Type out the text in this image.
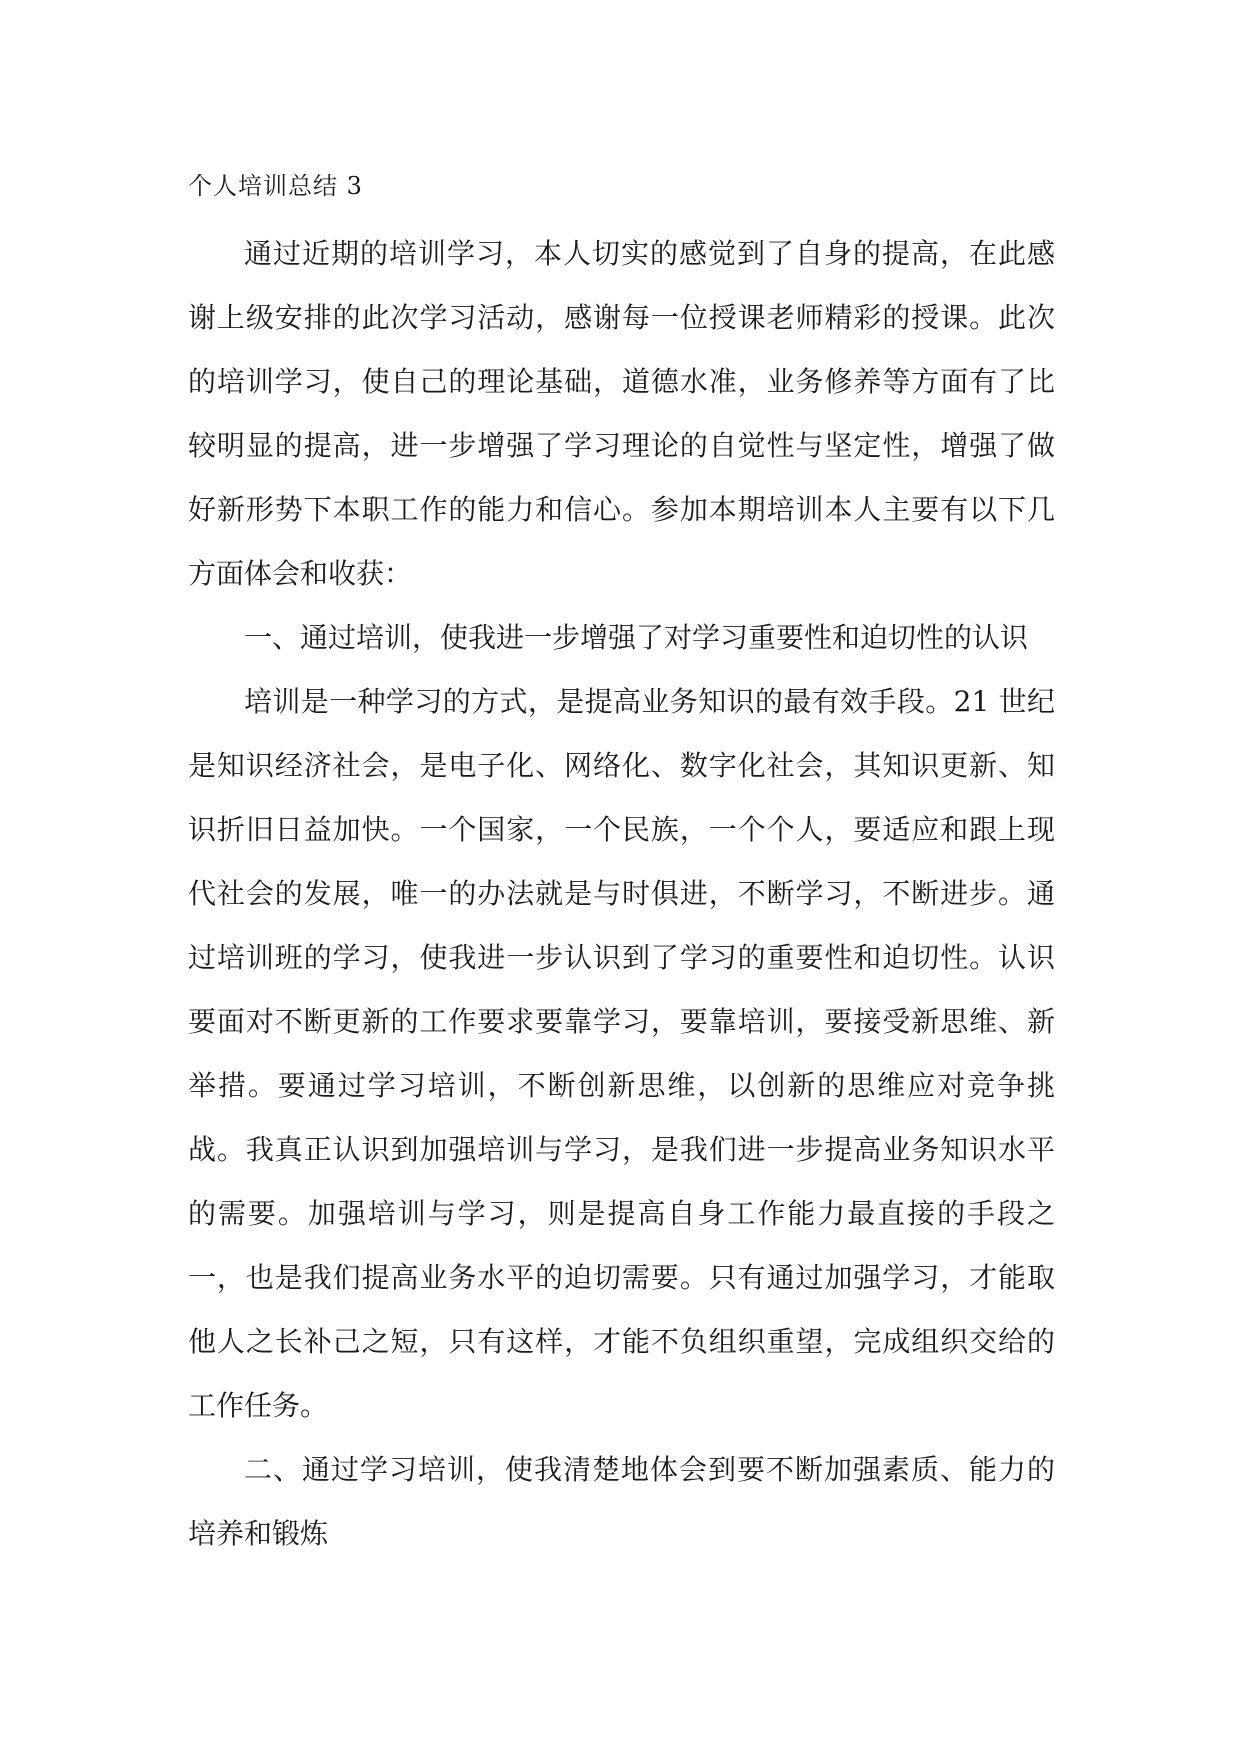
个人培训总结 3

通过近期的培训学习，本人切实的感觉到了自身的提高，在此感谢上级安排的此次学习活动，感谢每一位授课老师精彩的授课。此次的培训学习，使自己的理论基础，道德水准，业务修养等方面有了比较明显的提高，进一步增强了学习理论的自觉性与坚定性，增强了做好新形势下本职工作的能力和信心。参加本期培训本人主要有以下几方面体会和收获：

一、通过培训，使我进一步增强了对学习重要性和迫切性的认识

培训是一种学习的方式，是提高业务知识的最有效手段。21 世纪是知识经济社会，是电子化、网络化、数字化社会，其知识更新、知识折旧日益加快。一个国家，一个民族，一个个人，要适应和跟上现代社会的发展，唯一的办法就是与时俱进，不断学习，不断进步。通过培训班的学习，使我进一步认识到了学习的重要性和迫切性。认识要面对不断更新的工作要求要靠学习，要靠培训，要接受新思维、新举措。要通过学习培训，不断创新思维，以创新的思维应对竞争挑战。我真正认识到加强培训与学习，是我们进一步提高业务知识水平的需要。加强培训与学习，则是提高自身工作能力最直接的手段之一，也是我们提高业务水平的迫切需要。只有通过加强学习，才能取他人之长补己之短，只有这样，才能不负组织重望，完成组织交给的工作任务。

二、通过学习培训，使我清楚地体会到要不断加强素质、能力的培养和锻炼
